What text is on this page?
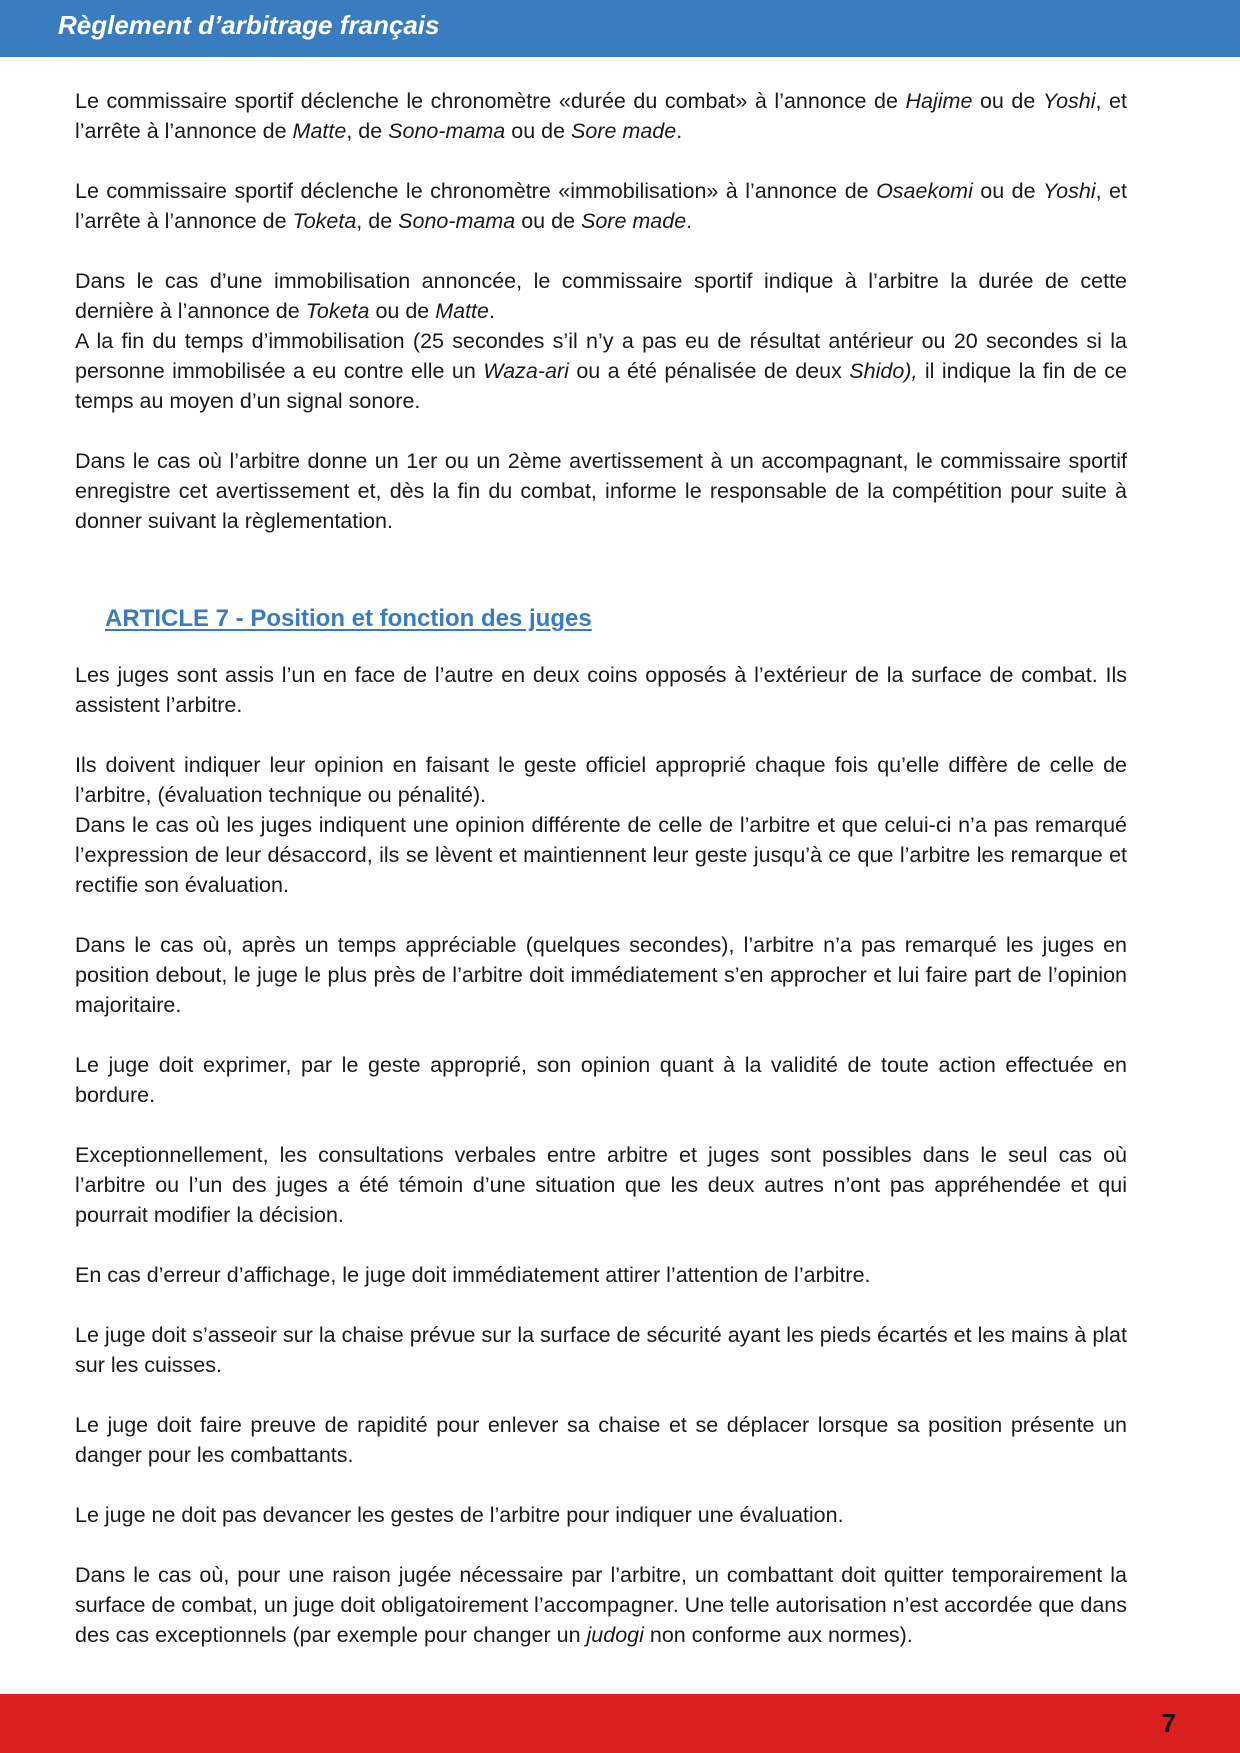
Règlement d’arbitrage français

Le commissaire sportif déclenche le chronomètre «durée du combat» à l’annonce de Hajime ou de Yoshi, et l’arrête à l’annonce de Matte, de Sono-mama ou de Sore made.

Le commissaire sportif déclenche le chronomètre «immobilisation» à l’annonce de Osaekomi ou de Yoshi, et l’arrête à l’annonce de Toketa, de Sono-mama ou de Sore made.

Dans le cas d’une immobilisation annoncée, le commissaire sportif indique à l’arbitre la durée de cette dernière à l’annonce de Toketa ou de Matte.

A la fin du temps d’immobilisation (25 secondes s’il n’y a pas eu de résultat antérieur ou 20 secondes si la personne immobilisée a eu contre elle un Waza-ari ou a été pénalisée de deux Shido), il indique la fin de ce temps au moyen d’un signal sonore.

Dans le cas où l’arbitre donne un 1er ou un 2ème avertissement à un accompagnant, le commissaire sportif enregistre cet avertissement et, dès la fin du combat, informe le responsable de la compétition pour suite à donner suivant la règlementation.

ARTICLE 7 - Position et fonction des juges

Les juges sont assis l’un en face de l’autre en deux coins opposés à l’extérieur de la surface de combat. Ils assistent l’arbitre.

Ils doivent indiquer leur opinion en faisant le geste officiel approprié chaque fois qu’elle diffère de celle de l’arbitre, (évaluation technique ou pénalité).

Dans le cas où les juges indiquent une opinion différente de celle de l’arbitre et que celui-ci n’a pas remarqué l’expression de leur désaccord, ils se lèvent et maintiennent leur geste jusqu’à ce que l’arbitre les remarque et rectifie son évaluation.

Dans le cas où, après un temps appréciable (quelques secondes), l’arbitre n’a pas remarqué les juges en position debout, le juge le plus près de l’arbitre doit immédiatement s’en approcher et lui faire part de l’opinion majoritaire.

Le juge doit exprimer, par le geste approprié, son opinion quant à la validité de toute action effectuée en bordure.

Exceptionnellement, les consultations verbales entre arbitre et juges sont possibles dans le seul cas où l’arbitre ou l’un des juges a été témoin d’une situation que les deux autres n’ont pas appréhendée et qui pourrait modifier la décision.

En cas d’erreur d’affichage, le juge doit immédiatement attirer l’attention de l’arbitre.

Le juge doit s’asseoir sur la chaise prévue sur la surface de sécurité ayant les pieds écartés et les mains à plat sur les cuisses.

Le juge doit faire preuve de rapidité pour enlever sa chaise et se déplacer lorsque sa position présente un danger pour les combattants.

Le juge ne doit pas devancer les gestes de l’arbitre pour indiquer une évaluation.

Dans le cas où, pour une raison jugée nécessaire par l’arbitre, un combattant doit quitter temporairement la surface de combat, un juge doit obligatoirement l’accompagner. Une telle autorisation n’est accordée que dans des cas exceptionnels (par exemple pour changer un judogi non conforme aux normes).

7
